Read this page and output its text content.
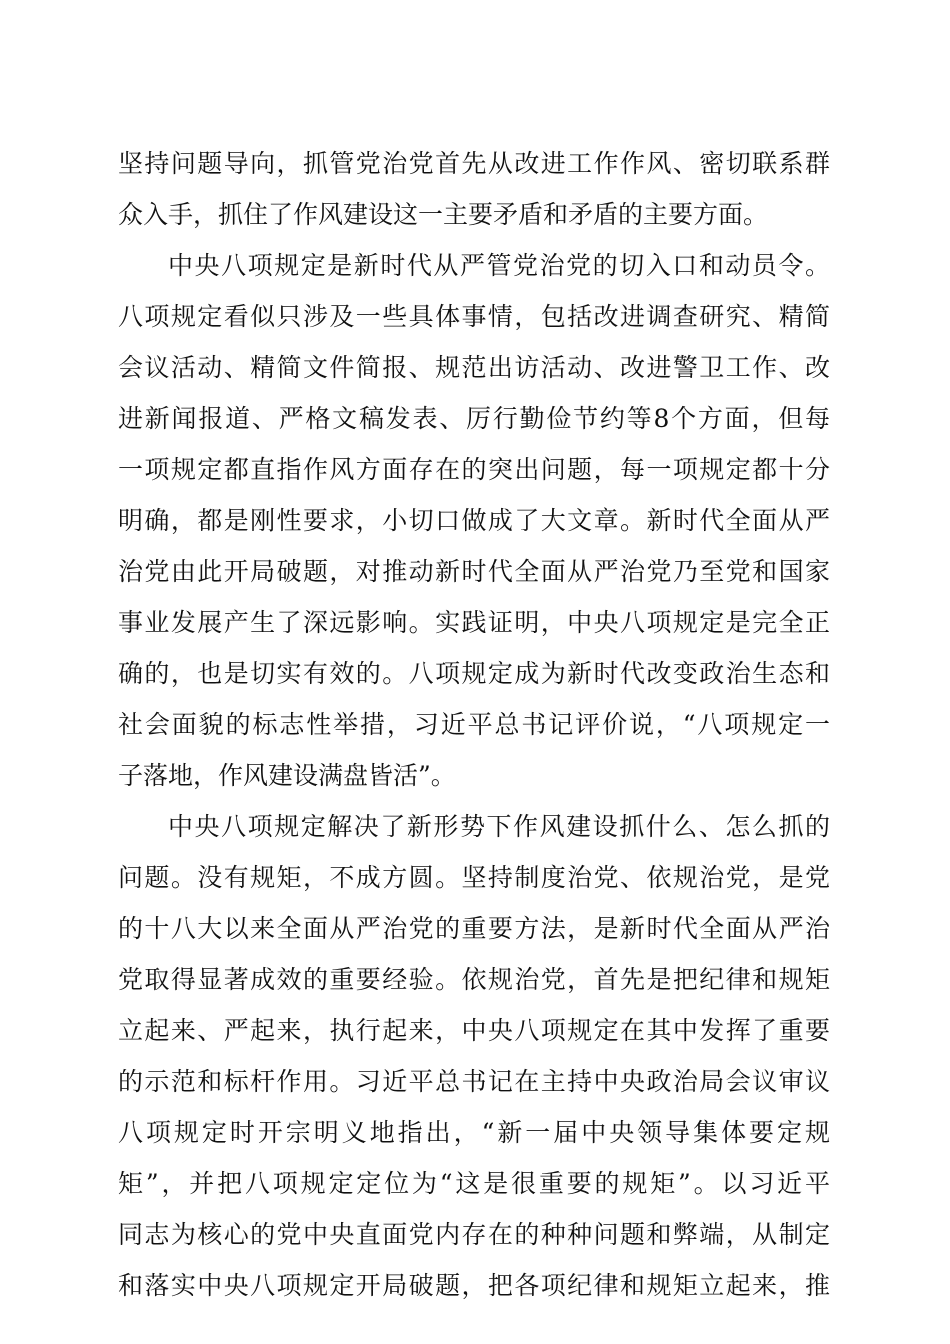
坚持问题导向，抓管党治党首先从改进工作作风、密切联系群
众入手，抓住了作风建设这一主要矛盾和矛盾的主要方面。
中央八项规定是新时代从严管党治党的切入口和动员令。
八项规定看似只涉及一些具体事情，包括改进调查研究、精简
会议活动、精简文件简报、规范出访活动、改进警卫工作、改
进新闻报道、严格文稿发表、厉行勤俭节约等8个方面，但每
一项规定都直指作风方面存在的突出问题，每一项规定都十分
明确，都是刚性要求，小切口做成了大文章。新时代全面从严
治党由此开局破题，对推动新时代全面从严治党乃至党和国家
事业发展产生了深远影响。实践证明，中央八项规定是完全正
确的，也是切实有效的。八项规定成为新时代改变政治生态和
社会面貌的标志性举措，习近平总书记评价说，“八项规定一
子落地，作风建设满盘皆活”。
中央八项规定解决了新形势下作风建设抓什么、怎么抓的
问题。没有规矩，不成方圆。坚持制度治党、依规治党，是党
的十八大以来全面从严治党的重要方法，是新时代全面从严治
党取得显著成效的重要经验。依规治党，首先是把纪律和规矩
立起来、严起来，执行起来，中央八项规定在其中发挥了重要
的示范和标杆作用。习近平总书记在主持中央政治局会议审议
八项规定时开宗明义地指出，“新一届中央领导集体要定规
矩”，并把八项规定定位为“这是很重要的规矩”。以习近平
同志为核心的党中央直面党内存在的种种问题和弊端，从制定
和落实中央八项规定开局破题，把各项纪律和规矩立起来，推
